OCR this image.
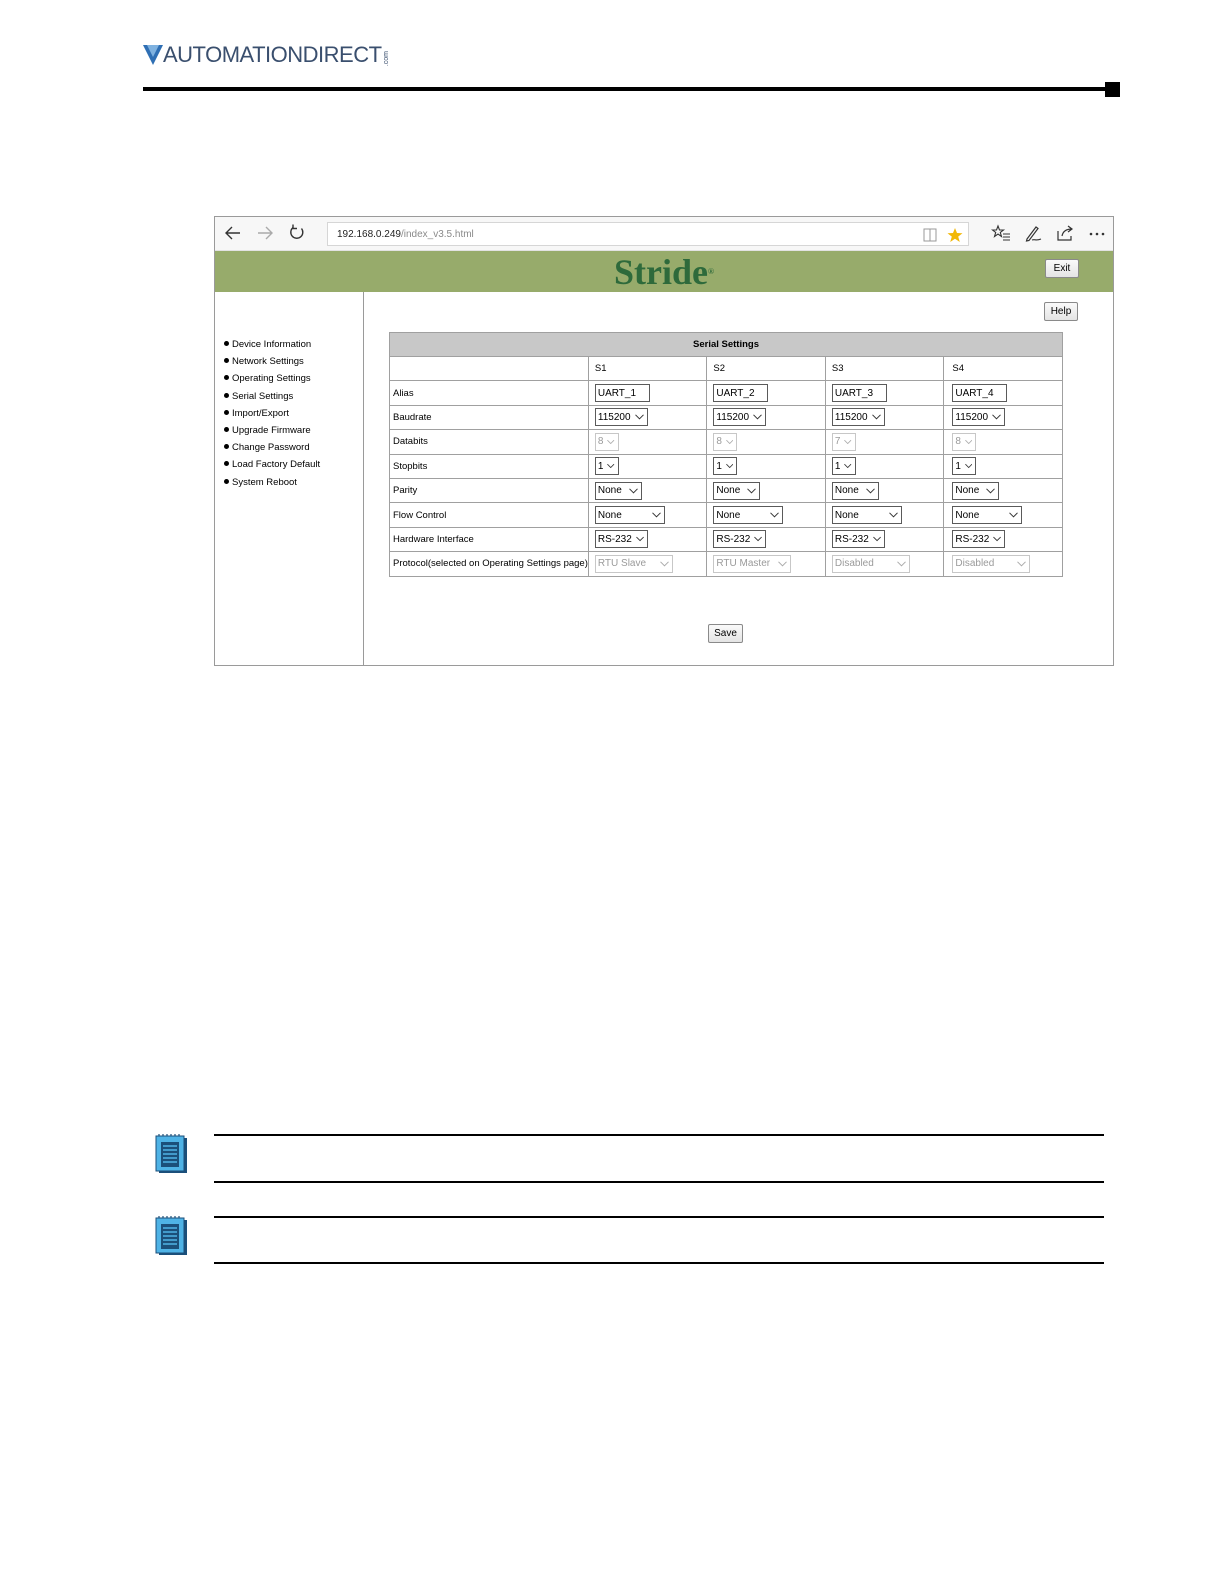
AUTOMATIONDIRECT .com
192.168.0.249/index_v3.5.html
Stride®	Exit
Device Information
Network Settings
Operating Settings
Serial Settings
Import/Export
Upgrade Firmware
Change Password
Load Factory Default
System Reboot
Help
Serial Settings				
	S1	S2	S3	S4
Alias	UART_1	UART_2	UART_3	UART_4
Baudrate	115200	115200	115200	115200

Databits	8	8	7	8

Stopbits	1	1	1	1

Parity	None	None	None	None

Flow Control	None	None	None	None

Hardware Interface	RS-232	RS-232	RS-232	RS-232

Protocol(selected on Operating Settings page)	RTU Slave	RTU Master	Disabled	Disabled
Save
